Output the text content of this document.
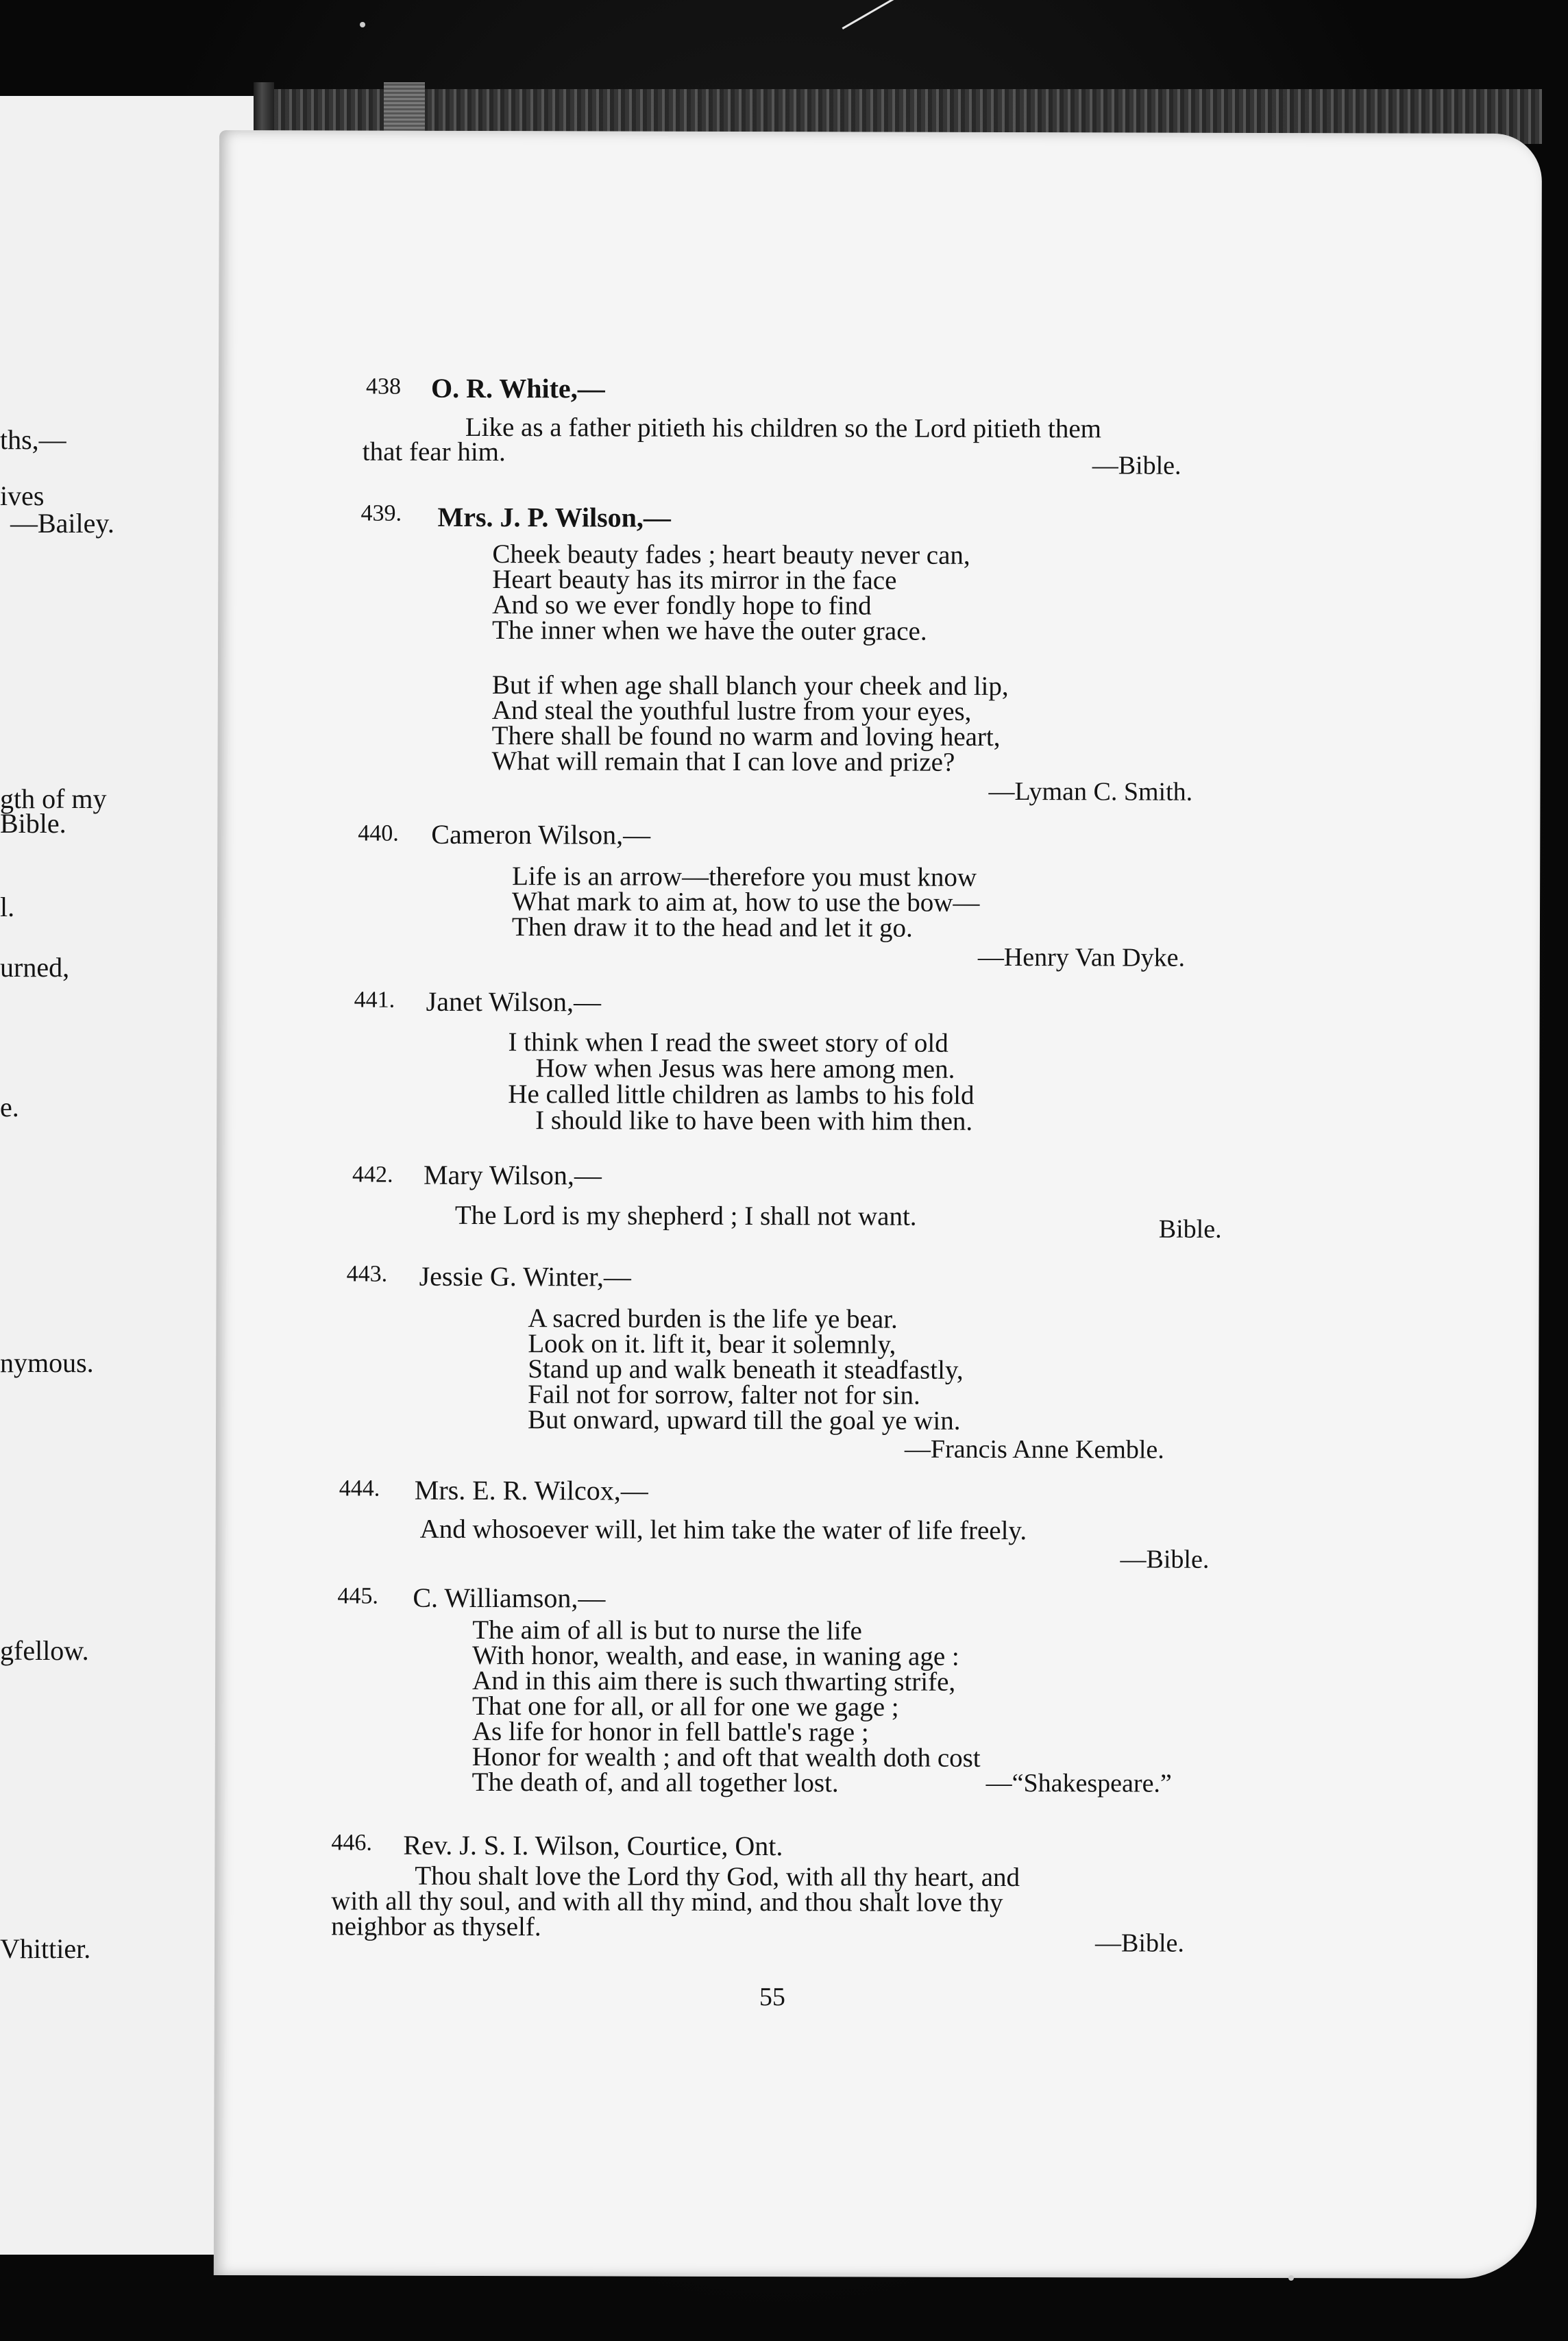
ths,—
ives
—Bailey.
gth of my
Bible.
l.
urned,
e.
nymous.
gfellow.
Vhittier.
438 O. R. White,—
Like as a father pitieth his children so the Lord pitieth them
that fear him.	—Bible.
439. Mrs. J. P. Wilson,—
Cheek beauty fades ; heart beauty never can,
Heart beauty has its mirror in the face
And so we ever fondly hope to find
The inner when we have the outer grace.
But if when age shall blanch your cheek and lip,
And steal the youthful lustre from your eyes,
There shall be found no warm and loving heart,
What will remain that I can love and prize?
—Lyman C. Smith.
440. Cameron Wilson,—
Life is an arrow—therefore you must know
What mark to aim at, how to use the bow—
Then draw it to the head and let it go.
—Henry Van Dyke.
441. Janet Wilson,—
I think when I read the sweet story of old
How when Jesus was here among men.
He called little children as lambs to his fold
I should like to have been with him then.
442. Mary Wilson,—
The Lord is my shepherd ; I shall not want.	Bible.
443. Jessie G. Winter,—
A sacred burden is the life ye bear.
Look on it. lift it, bear it solemnly,
Stand up and walk beneath it steadfastly,
Fail not for sorrow, falter not for sin.
But onward, upward till the goal ye win.
—Francis Anne Kemble.
444. Mrs. E. R. Wilcox,—
And whosoever will, let him take the water of life freely.
—Bible.
445. C. Williamson,—
The aim of all is but to nurse the life
With honor, wealth, and ease, in waning age :
And in this aim there is such thwarting strife,
That one for all, or all for one we gage ;
As life for honor in fell battle's rage ;
Honor for wealth ; and oft that wealth doth cost
The death of, and all together lost.	—“Shakespeare.”
446. Rev. J. S. I. Wilson, Courtice, Ont.
Thou shalt love the Lord thy God, with all thy heart, and
with all thy soul, and with all thy mind, and thou shalt love thy
neighbor as thyself.
—Bible.
55
